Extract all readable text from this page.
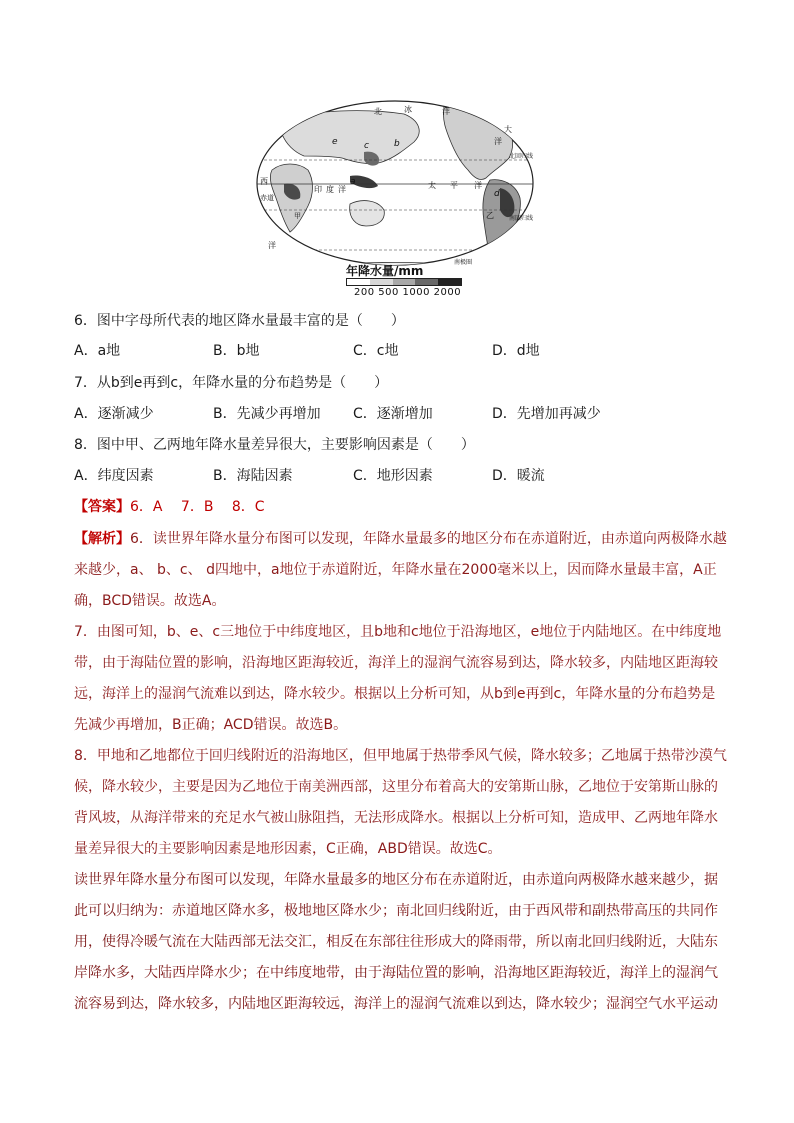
北	冰	洋
大
洋
西
赤道
印 度 洋	太 平 洋
北回归线
南回归线
南极圈
洋
a
b
c
d
e
甲	乙
年降水量/mm
200 500 1000 2000
6．图中字母所代表的地区降水量最丰富的是（　　）
A．a地	B．b地	C．c地	D．d地
7．从b到e再到c，年降水量的分布趋势是（　　）
A．逐渐减少	B．先减少再增加 C．逐渐增加	D．先增加再减少
8．图中甲、乙两地年降水量差异很大，主要影响因素是（　　）
A．纬度因素	B．海陆因素	C．地形因素	D．暖流
【答案】6．A　 7．B　 8．C
【解析】6．读世界年降水量分布图可以发现，年降水量最多的地区分布在赤道附近，由赤道向两极降水越
来越少，a、 b、c、 d四地中，a地位于赤道附近，年降水量在2000毫米以上，因而降水量最丰富，A正
确，BCD错误。故选A。
7．由图可知，b、e、c三地位于中纬度地区，且b地和c地位于沿海地区，e地位于内陆地区。在中纬度地
带，由于海陆位置的影响，沿海地区距海较近，海洋上的湿润气流容易到达，降水较多，内陆地区距海较
远，海洋上的湿润气流难以到达，降水较少。根据以上分析可知，从b到e再到c，年降水量的分布趋势是
先减少再增加，B正确；ACD错误。故选B。
8．甲地和乙地都位于回归线附近的沿海地区，但甲地属于热带季风气候，降水较多；乙地属于热带沙漠气
候，降水较少，主要是因为乙地位于南美洲西部，这里分布着高大的安第斯山脉，乙地位于安第斯山脉的
背风坡，从海洋带来的充足水气被山脉阻挡，无法形成降水。根据以上分析可知，造成甲、乙两地年降水
量差异很大的主要影响因素是地形因素，C正确，ABD错误。故选C。
读世界年降水量分布图可以发现，年降水量最多的地区分布在赤道附近，由赤道向两极降水越来越少，据
此可以归纳为：赤道地区降水多，极地地区降水少；南北回归线附近，由于西风带和副热带高压的共同作
用，使得冷暖气流在大陆西部无法交汇，相反在东部往往形成大的降雨带，所以南北回归线附近，大陆东
岸降水多，大陆西岸降水少；在中纬度地带，由于海陆位置的影响，沿海地区距海较近，海洋上的湿润气
流容易到达，降水较多，内陆地区距海较远，海洋上的湿润气流难以到达，降水较少；湿润空气水平运动
